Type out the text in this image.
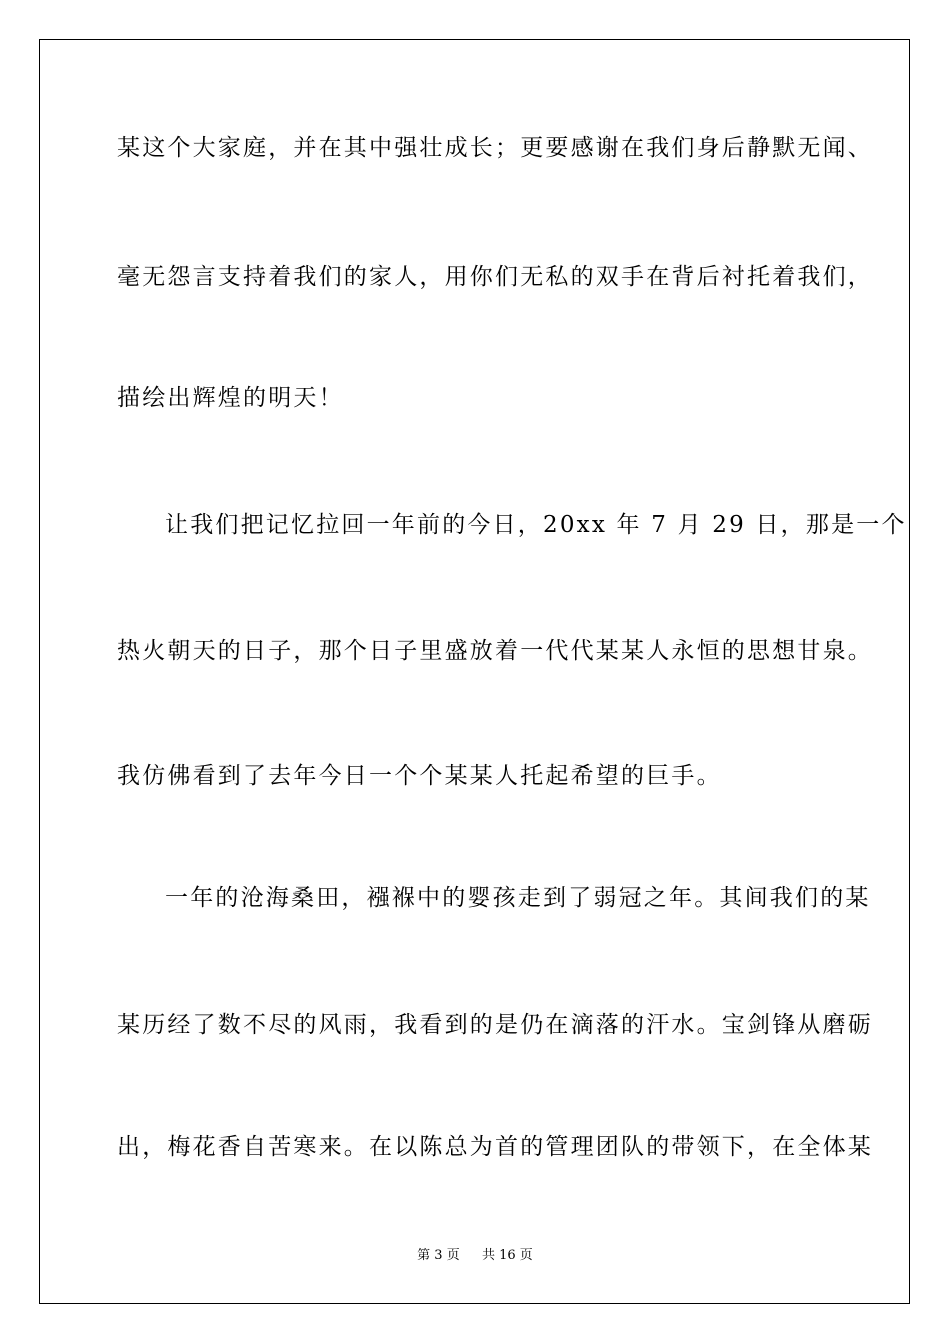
某这个大家庭，并在其中强壮成长；更要感谢在我们身后静默无闻、
毫无怨言支持着我们的家人，用你们无私的双手在背后衬托着我们，
描绘出辉煌的明天！
让我们把记忆拉回一年前的今日，20xx 年 7 月 29 日，那是一个
热火朝天的日子，那个日子里盛放着一代代某某人永恒的思想甘泉。
我仿佛看到了去年今日一个个某某人托起希望的巨手。
一年的沧海桑田，襁褓中的婴孩走到了弱冠之年。其间我们的某
某历经了数不尽的风雨，我看到的是仍在滴落的汗水。宝剑锋从磨砺
出，梅花香自苦寒来。在以陈总为首的管理团队的带领下，在全体某
第 3 页 共 16 页
